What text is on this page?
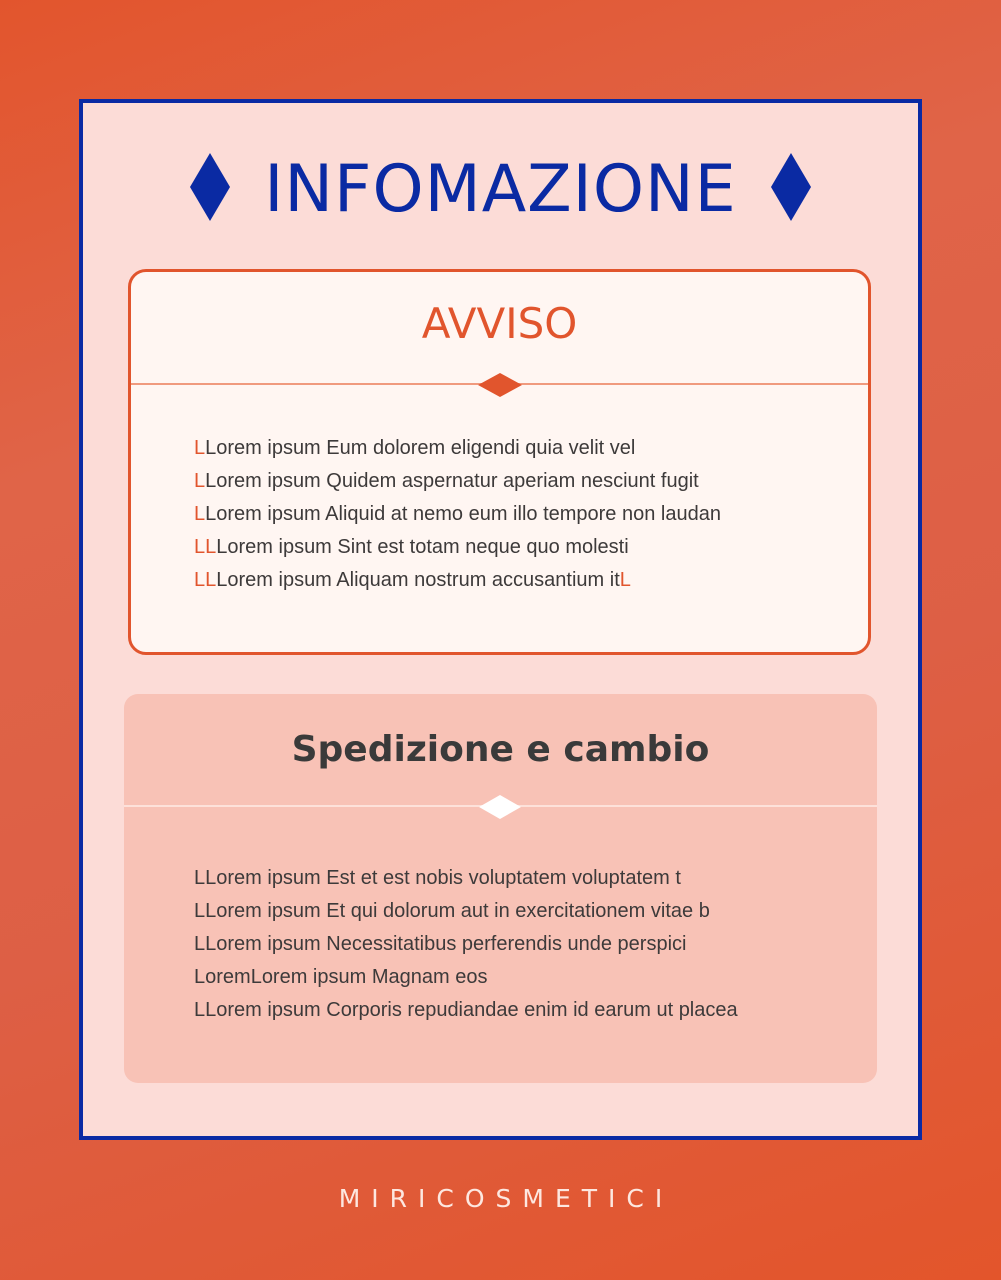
INFOMAZIONE
AVVISO
LLorem ipsum Eum dolorem eligendi quia velit vel
LLorem ipsum Quidem aspernatur aperiam nesciunt fugit
LLorem ipsum Aliquid at nemo eum illo tempore non laudan
LLLorem ipsum Sint est totam neque quo molesti
LLLorem ipsum Aliquam nostrum accusantium itL
Spedizione e cambio
LLorem ipsum Est et est nobis voluptatem voluptatem t
LLorem ipsum Et qui dolorum aut in exercitationem vitae b
LLorem ipsum Necessitatibus perferendis unde perspici
LoremLorem ipsum Magnam eos
LLorem ipsum Corporis repudiandae enim id earum ut placea
MIRICOSMETICI
